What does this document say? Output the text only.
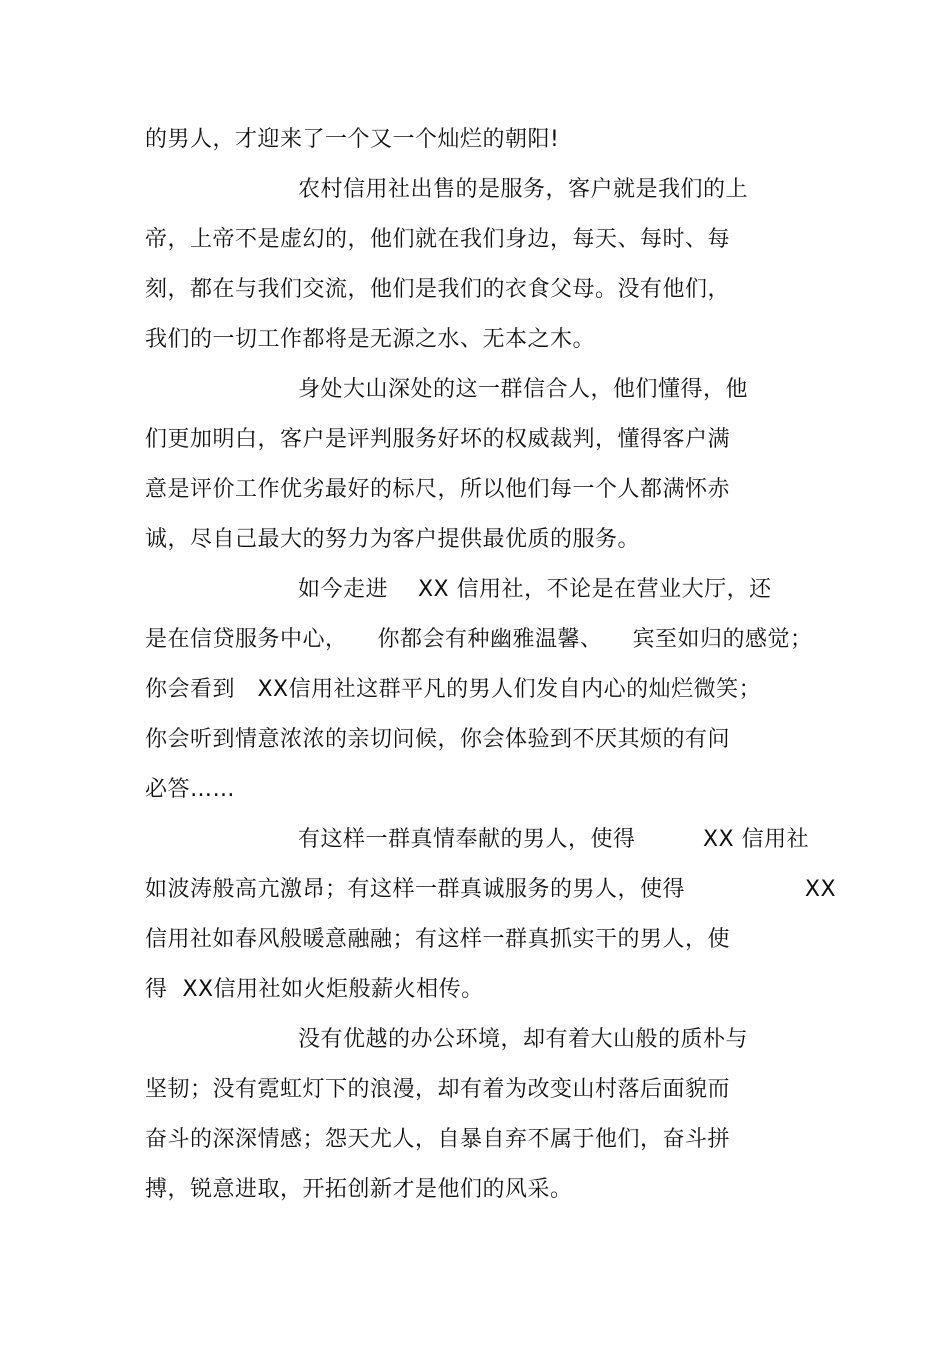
的男人，才迎来了一个又一个灿烂的朝阳!
农村信用社出售的是服务，客户就是我们的上
帝，上帝不是虚幻的，他们就在我们身边，每天、每时、每
刻，都在与我们交流，他们是我们的衣食父母。没有他们，
我们的一切工作都将是无源之水、无本之木。
身处大山深处的这一群信合人，他们懂得，他
们更加明白，客户是评判服务好坏的权威裁判，懂得客户满
意是评价工作优劣最好的标尺，所以他们每一个人都满怀赤
诚，尽自己最大的努力为客户提供最优质的服务。
如今走进    XX 信用社，不论是在营业大厅，还
是在信贷服务中心，    你都会有种幽雅温馨、    宾至如归的感觉；
你会看到   XX信用社这群平凡的男人们发自内心的灿烂微笑；
你会听到情意浓浓的亲切问候，你会体验到不厌其烦的有问
必答……
有这样一群真情奉献的男人，使得         XX 信用社
如波涛般高亢激昂；有这样一群真诚服务的男人，使得                XX
信用社如春风般暖意融融；有这样一群真抓实干的男人，使
得  XX信用社如火炬般薪火相传。
没有优越的办公环境，却有着大山般的质朴与
坚韧；没有霓虹灯下的浪漫，却有着为改变山村落后面貌而
奋斗的深深情感；怨天尤人，自暴自弃不属于他们，奋斗拼
搏，锐意进取，开拓创新才是他们的风采。
